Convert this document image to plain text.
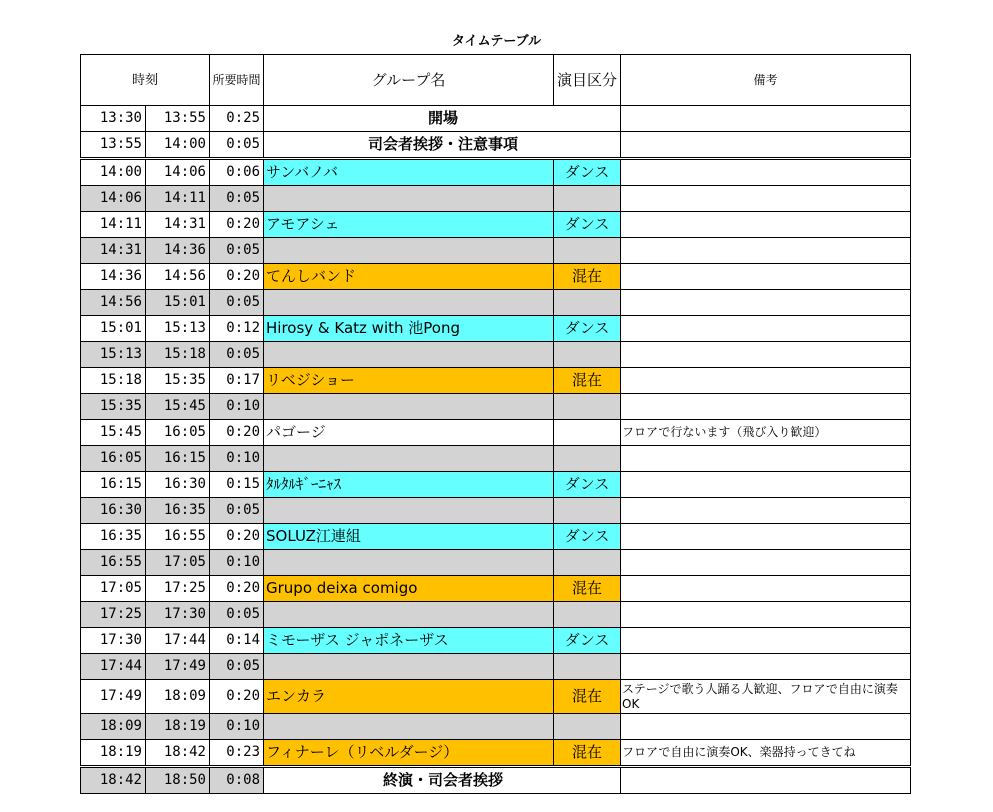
タイムテーブル
時刻		所要時間	グループ名	演目区分	備考
13:30	13:55	0:25	開場		
13:55	14:00	0:05	司会者挨拶・注意事項		
14:00	14:06	0:06	サンバノバ	ダンス	
14:06	14:11	0:05			
14:11	14:31	0:20	アモアシェ	ダンス	
14:31	14:36	0:05			
14:36	14:56	0:20	てんしバンド	混在	
14:56	15:01	0:05			
15:01	15:13	0:12	Hirosy & Katz with 池Pong	ダンス	
15:13	15:18	0:05			
15:18	15:35	0:17	リベジショー	混在	
15:35	15:45	0:10			
15:45	16:05	0:20	パゴージ		フロアで行ないます（飛び入り歓迎）
16:05	16:15	0:10			
16:15	16:30	0:15	ﾀﾙﾀﾙｷﾞｰﾆｬｽ	ダンス	
16:30	16:35	0:05			
16:35	16:55	0:20	SOLUZ江連組	ダンス	
16:55	17:05	0:10			
17:05	17:25	0:20	Grupo deixa comigo	混在	
17:25	17:30	0:05			
17:30	17:44	0:14	ミモーザス ジャポネーザス	ダンス	
17:44	17:49	0:05			
17:49	18:09	0:20	エンカラ	混在	ステージで歌う人踊る人歓迎、フロアで自由に演奏OK
18:09	18:19	0:10			
18:19	18:42	0:23	フィナーレ（リベルダージ）	混在	フロアで自由に演奏OK、楽器持ってきてね
18:42	18:50	0:08	終演・司会者挨拶		
